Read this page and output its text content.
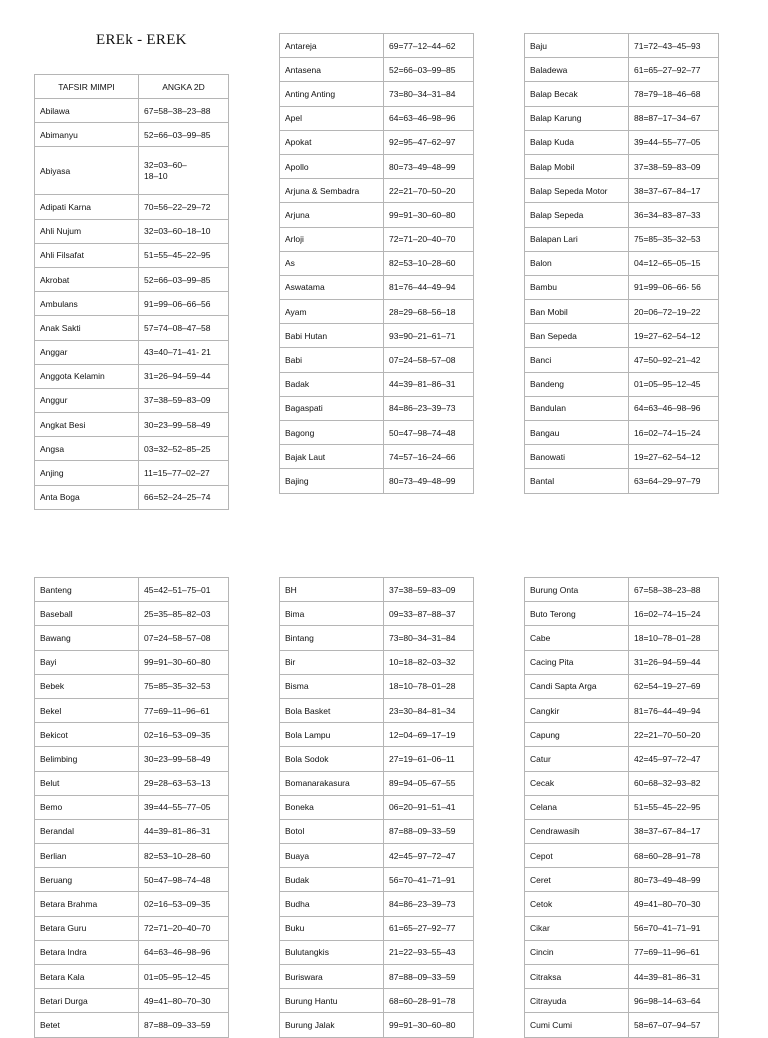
EREk - EREK
TAFSIR MIMPI	ANGKA 2D
Abilawa	67=58–38–23–88
Abimanyu	52=66–03–99–85
Abiyasa	32=03–60–18–10
Adipati Karna	70=56–22–29–72
Ahli Nujum	32=03–60–18–10
Ahli Filsafat	51=55–45–22–95
Akrobat	52=66–03–99–85
Ambulans	91=99–06–66–56
Anak Sakti	57=74–08–47–58
Anggar	43=40–71–41- 21
Anggota Kelamin	31=26–94–59–44
Anggur	37=38–59–83–09
Angkat Besi	30=23–99–58–49
Angsa	03=32–52–85–25
Anjing	11=15–77–02–27
Anta Boga	66=52–24–25–74
Antareja	69=77–12–44–62
Antasena	52=66–03–99–85
Anting Anting	73=80–34–31–84
Apel	64=63–46–98–96
Apokat	92=95–47–62–97
Apollo	80=73–49–48–99
Arjuna & Sembadra	22=21–70–50–20
Arjuna	99=91–30–60–80
Arloji	72=71–20–40–70
As	82=53–10–28–60
Aswatama	81=76–44–49–94
Ayam	28=29–68–56–18
Babi Hutan	93=90–21–61–71
Babi	07=24–58–57–08
Badak	44=39–81–86–31
Bagaspati	84=86–23–39–73
Bagong	50=47–98–74–48
Bajak Laut	74=57–16–24–66
Bajing	80=73–49–48–99
Baju	71=72–43–45–93
Baladewa	61=65–27–92–77
Balap Becak	78=79–18–46–68
Balap Karung	88=87–17–34–67
Balap Kuda	39=44–55–77–05
Balap Mobil	37=38–59–83–09
Balap Sepeda Motor	38=37–67–84–17
Balap Sepeda	36=34–83–87–33
Balapan Lari	75=85–35–32–53
Balon	04=12–65–05–15
Bambu	91=99–06–66- 56
Ban Mobil	20=06–72–19–22
Ban Sepeda	19=27–62–54–12
Banci	47=50–92–21–42
Bandeng	01=05–95–12–45
Bandulan	64=63–46–98–96
Bangau	16=02–74–15–24
Banowati	19=27–62–54–12
Bantal	63=64–29–97–79
Banteng	45=42–51–75–01
Baseball	25=35–85–82–03
Bawang	07=24–58–57–08
Bayi	99=91–30–60–80
Bebek	75=85–35–32–53
Bekel	77=69–11–96–61
Bekicot	02=16–53–09–35
Belimbing	30=23–99–58–49
Belut	29=28–63–53–13
Bemo	39=44–55–77–05
Berandal	44=39–81–86–31
Berlian	82=53–10–28–60
Beruang	50=47–98–74–48
Betara Brahma	02=16–53–09–35
Betara Guru	72=71–20–40–70
Betara Indra	64=63–46–98–96
Betara Kala	01=05–95–12–45
Betari Durga	49=41–80–70–30
Betet	87=88–09–33–59
BH	37=38–59–83–09
Bima	09=33–87–88–37
Bintang	73=80–34–31–84
Bir	10=18–82–03–32
Bisma	18=10–78–01–28
Bola Basket	23=30–84–81–34
Bola Lampu	12=04–69–17–19
Bola Sodok	27=19–61–06–11
Bomanarakasura	89=94–05–67–55
Boneka	06=20–91–51–41
Botol	87=88–09–33–59
Buaya	42=45–97–72–47
Budak	56=70–41–71–91
Budha	84=86–23–39–73
Buku	61=65–27–92–77
Bulutangkis	21=22–93–55–43
Buriswara	87=88–09–33–59
Burung Hantu	68=60–28–91–78
Burung Jalak	99=91–30–60–80
Burung Onta	67=58–38–23–88
Buto Terong	16=02–74–15–24
Cabe	18=10–78–01–28
Cacing Pita	31=26–94–59–44
Candi Sapta Arga	62=54–19–27–69
Cangkir	81=76–44–49–94
Capung	22=21–70–50–20
Catur	42=45–97–72–47
Cecak	60=68–32–93–82
Celana	51=55–45–22–95
Cendrawasih	38=37–67–84–17
Cepot	68=60–28–91–78
Ceret	80=73–49–48–99
Cetok	49=41–80–70–30
Cikar	56=70–41–71–91
Cincin	77=69–11–96–61
Citraksa	44=39–81–86–31
Citrayuda	96=98–14–63–64
Cumi Cumi	58=67–07–94–57
